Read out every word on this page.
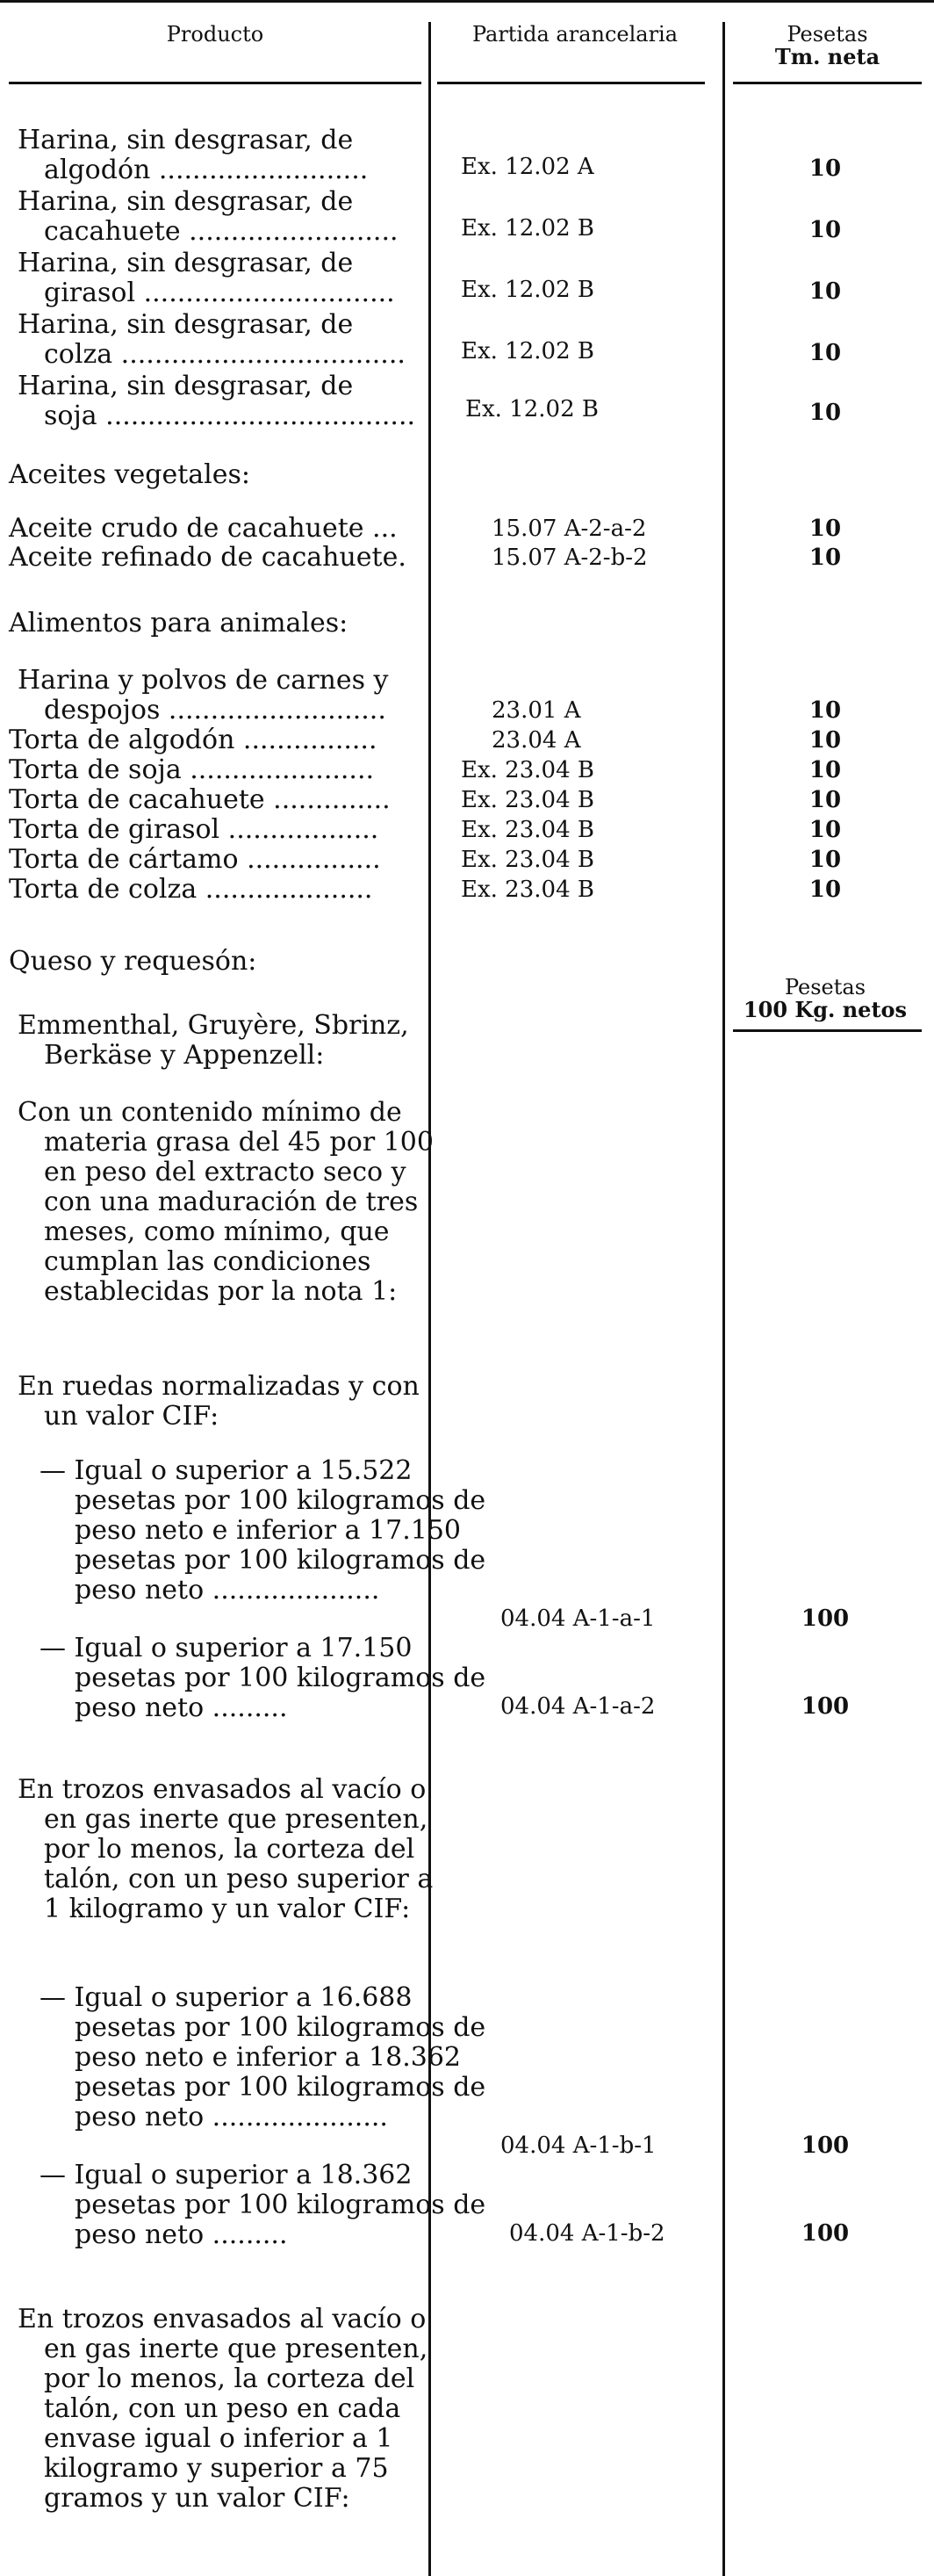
Producto	Partida arancelaria	Pesetas
Tm. neta
Harina, sin desgrasar, de
algodón .........................	Ex. 12.02 A	10
Harina, sin desgrasar, de
cacahuete .........................	Ex. 12.02 B	10
Harina, sin desgrasar, de
girasol ..............................	Ex. 12.02 B	10
Harina, sin desgrasar, de
colza ..................................	Ex. 12.02 B	10
Harina, sin desgrasar, de
soja .....................................	Ex. 12.02 B	10
Aceites vegetales:
Aceite crudo de cacahuete ...	15.07 A-2-a-2	10
Aceite refinado de cacahuete.	15.07 A-2-b-2	10
Alimentos para animales:
Harina y polvos de carnes y
despojos ..........................	23.01 A	10
Torta de algodón ................	23.04 A	10
Torta de soja ......................	Ex. 23.04 B	10
Torta de cacahuete ..............	Ex. 23.04 B	10
Torta de girasol ..................	Ex. 23.04 B	10
Torta de cártamo ................	Ex. 23.04 B	10
Torta de colza ....................	Ex. 23.04 B	10
Queso y requesón:
Pesetas
100 Kg. netos
Emmenthal, Gruyère, Sbrinz, Berkäse y Appenzell:
Con un contenido mínimo de materia grasa del 45 por 100 en peso del extracto seco y con una maduración de tres meses, como mínimo, que cumplan las condiciones establecidas por la nota 1:
En ruedas normalizadas y con un valor CIF:
— Igual o superior a 15.522 pesetas por 100 kilogramos de peso neto e inferior a 17.150 pesetas por 100 kilogramos de peso neto ....................
04.04 A-1-a-1	100
— Igual o superior a 17.150 pesetas por 100 kilogramos de peso neto .........	04.04 A-1-a-2	100
En trozos envasados al vacío o en gas inerte que presenten, por lo menos, la corteza del talón, con un peso superior a 1 kilogramo y un valor CIF:
— Igual o superior a 16.688 pesetas por 100 kilogramos de peso neto e inferior a 18.362 pesetas por 100 kilogramos de peso neto .....................
04.04 A-1-b-1	100
— Igual o superior a 18.362 pesetas por 100 kilogramos de peso neto .........	04.04 A-1-b-2	100
En trozos envasados al vacío o en gas inerte que presenten, por lo menos, la corteza del talón, con un peso en cada envase igual o inferior a 1 kilogramo y superior a 75 gramos y un valor CIF:
